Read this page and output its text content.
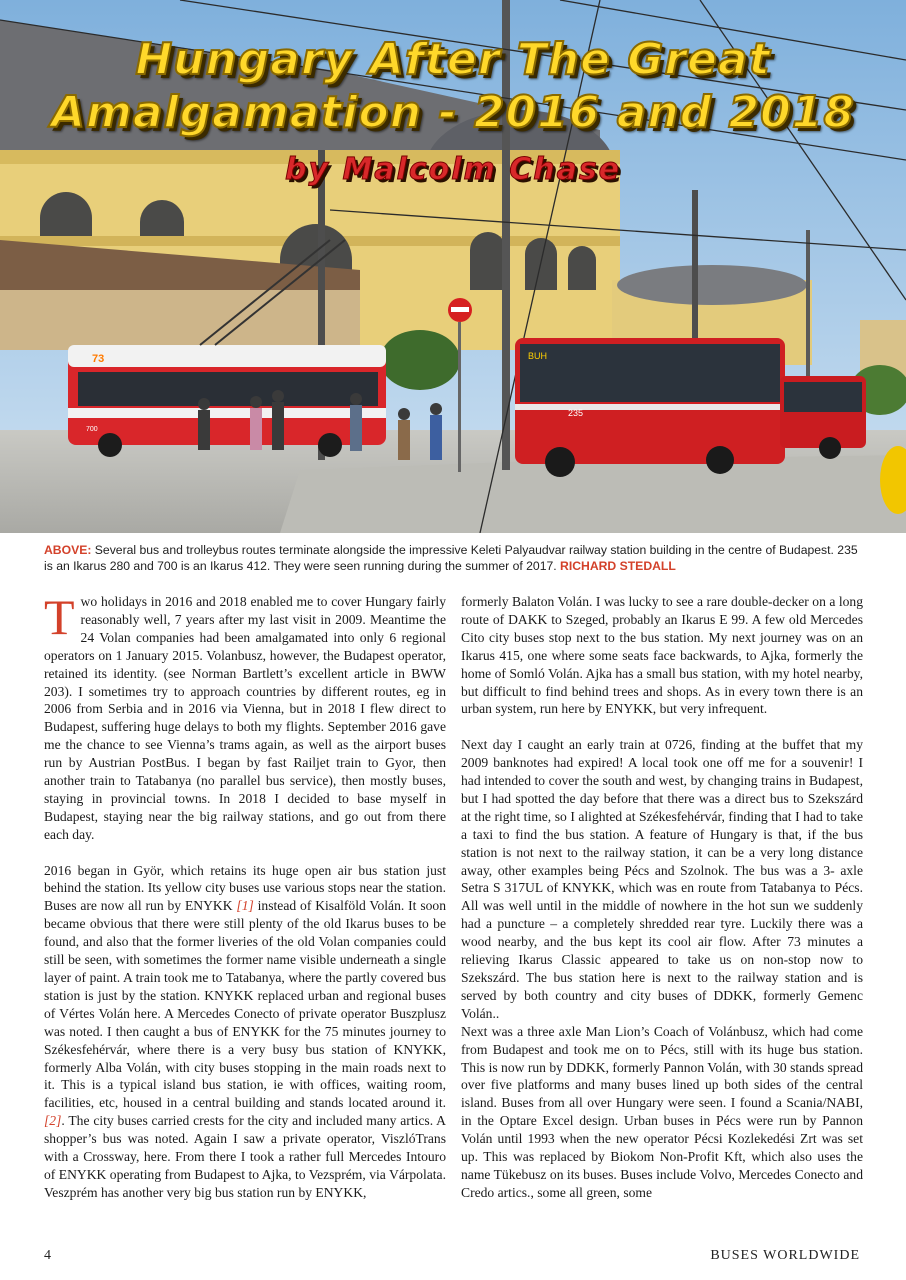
73
700
BUH
235
Hungary After The Great
Amalgamation - 2016 and 2018
by Malcolm Chase
ABOVE: Several bus and trolleybus routes terminate alongside the impressive Keleti Palyaudvar railway station building in the centre of Budapest. 235 is an Ikarus 280 and 700 is an Ikarus 412. They were seen running during the summer of 2017. RICHARD STEDALL

Two holidays in 2016 and 2018 enabled me to cover Hungary fairly reasonably well, 7 years after my last visit in 2009. Meantime the 24 Volan companies had been amalgamated into only 6 regional operators on 1 January 2015. Volanbusz, however, the Budapest operator, retained its identity. (see Norman Bartlett’s excellent article in BWW 203). I sometimes try to approach countries by different routes, eg in 2006 from Serbia and in 2016 via Vienna, but in 2018 I flew direct to Budapest, suffering huge delays to both my flights. September 2016 gave me the chance to see Vienna’s trams again, as well as the airport buses run by Austrian PostBus. I began by fast Railjet train to Gyor, then another train to Tatabanya (no parallel bus service), then mostly buses, staying in provincial towns. In 2018 I decided to base myself in Budapest, staying near the big railway stations, and go out from there each day.

2016 began in Györ, which retains its huge open air bus station just behind the station. Its yellow city buses use various stops near the station. Buses are now all run by ENYKK [1] instead of Kisalföld Volán. It soon became obvious that there were still plenty of the old Ikarus buses to be found, and also that the former liveries of the old Volan companies could still be seen, with sometimes the former name visible underneath a single layer of paint. A train took me to Tatabanya, where the partly covered bus station is just by the station. KNYKK replaced urban and regional buses of Vértes Volán here. A Mercedes Conecto of private operator Buszplusz was noted. I then caught a bus of ENYKK for the 75 minutes journey to Székesfehérvár, where there is a very busy bus station of KNYKK, formerly Alba Volán, with city buses stopping in the main roads next to it. This is a typical island bus station, ie with offices, waiting room, facilities, etc, housed in a central building and stands located around it.[2]. The city buses carried crests for the city and included many artics. A shopper’s bus was noted. Again I saw a private operator, ViszlóTrans with a Crossway, here. From there I took a rather full Mercedes Intouro of ENYKK operating from Budapest to Ajka, to Vezsprém, via Várpolata. Veszprém has another very big bus station run by ENYKK,

formerly Balaton Volán. I was lucky to see a rare double-decker on a long route of DAKK to Szeged, probably an Ikarus E 99. A few old Mercedes Cito city buses stop next to the bus station. My next journey was on an Ikarus 415, one where some seats face backwards, to Ajka, formerly the home of Somló Volán. Ajka has a small bus station, with my hotel nearby, but difficult to find behind trees and shops. As in every town there is an urban system, run here by ENYKK, but very infrequent.

Next day I caught an early train at 0726, finding at the buffet that my 2009 banknotes had expired! A local took one off me for a souvenir! I had intended to cover the south and west, by changing trains in Budapest, but I had spotted the day before that there was a direct bus to Szekszárd at the right time, so I alighted at Székesfehérvár, finding that I had to take a taxi to find the bus station. A feature of Hungary is that, if the bus station is not next to the railway station, it can be a very long distance away, other examples being Pécs and Szolnok. The bus was a 3- axle Setra S 317UL of KNYKK, which was en route from Tatabanya to Pécs. All was well until in the middle of nowhere in the hot sun we suddenly had a puncture – a completely shredded rear tyre. Luckily there was a wood nearby, and the bus kept its cool air flow. After 73 minutes a relieving Ikarus Classic appeared to take us on non-stop now to Szekszárd. The bus station here is next to the railway station and is served by both country and city buses of DDKK, formerly Gemenc Volán..

Next was a three axle Man Lion’s Coach of Volánbusz, which had come from Budapest and took me on to Pécs, still with its huge bus station. This is now run by DDKK, formerly Pannon Volán, with 30 stands spread over five platforms and many buses lined up both sides of the central island. Buses from all over Hungary were seen. I found a Scania/NABI, in the Optare Excel design. Urban buses in Pécs were run by Pannon Volán until 1993 when the new operator Pécsi Kozlekedési Zrt was set up. This was replaced by Biokom Non-Profit Kft, which also uses the name Tükebusz on its buses. Buses include Volvo, Mercedes Conecto and Credo artics., some all green, some

4	BUSES WORLDWIDE
